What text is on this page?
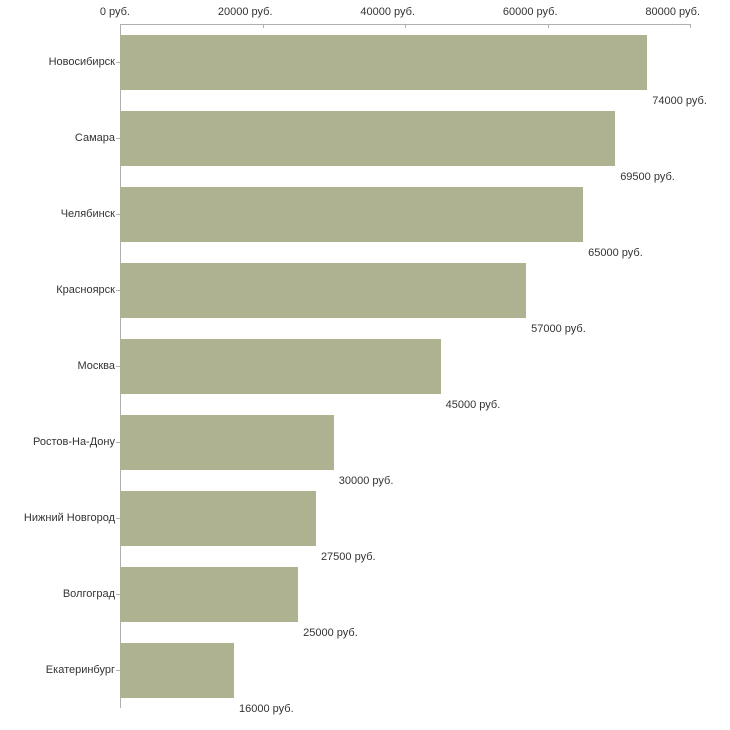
0 руб.	20000 руб.	40000 руб.	60000 руб.	80000 руб.
74000 руб.
69500 руб.
65000 руб.
57000 руб.
45000 руб.
30000 руб.
27500 руб.
25000 руб.
16000 руб.
Новосибирск
Самара
Челябинск
Красноярск
Москва
Ростов-На-Дону
Нижний Новгород
Волгоград
Екатеринбург
